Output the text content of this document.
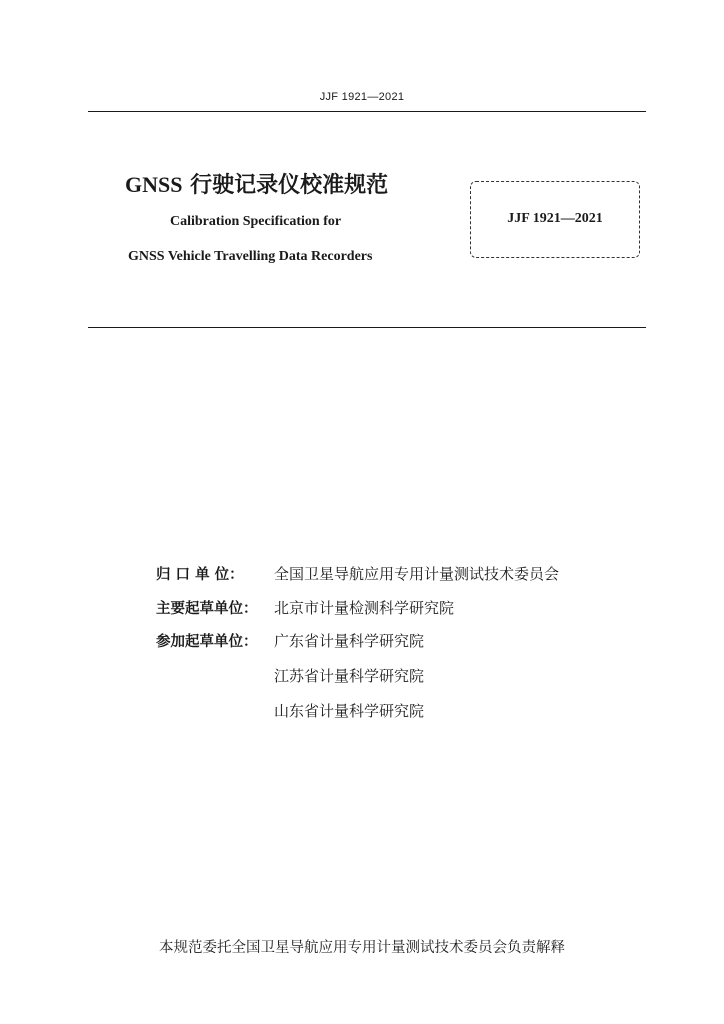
JJF 1921—2021
GNSS 行驶记录仪校准规范
Calibration Specification for
GNSS Vehicle Travelling Data Recorders
JJF 1921—2021
归 口 单 位： 全国卫星导航应用专用计量测试技术委员会
主要起草单位： 北京市计量检测科学研究院
参加起草单位： 广东省计量科学研究院
江苏省计量科学研究院
山东省计量科学研究院
本规范委托全国卫星导航应用专用计量测试技术委员会负责解释
